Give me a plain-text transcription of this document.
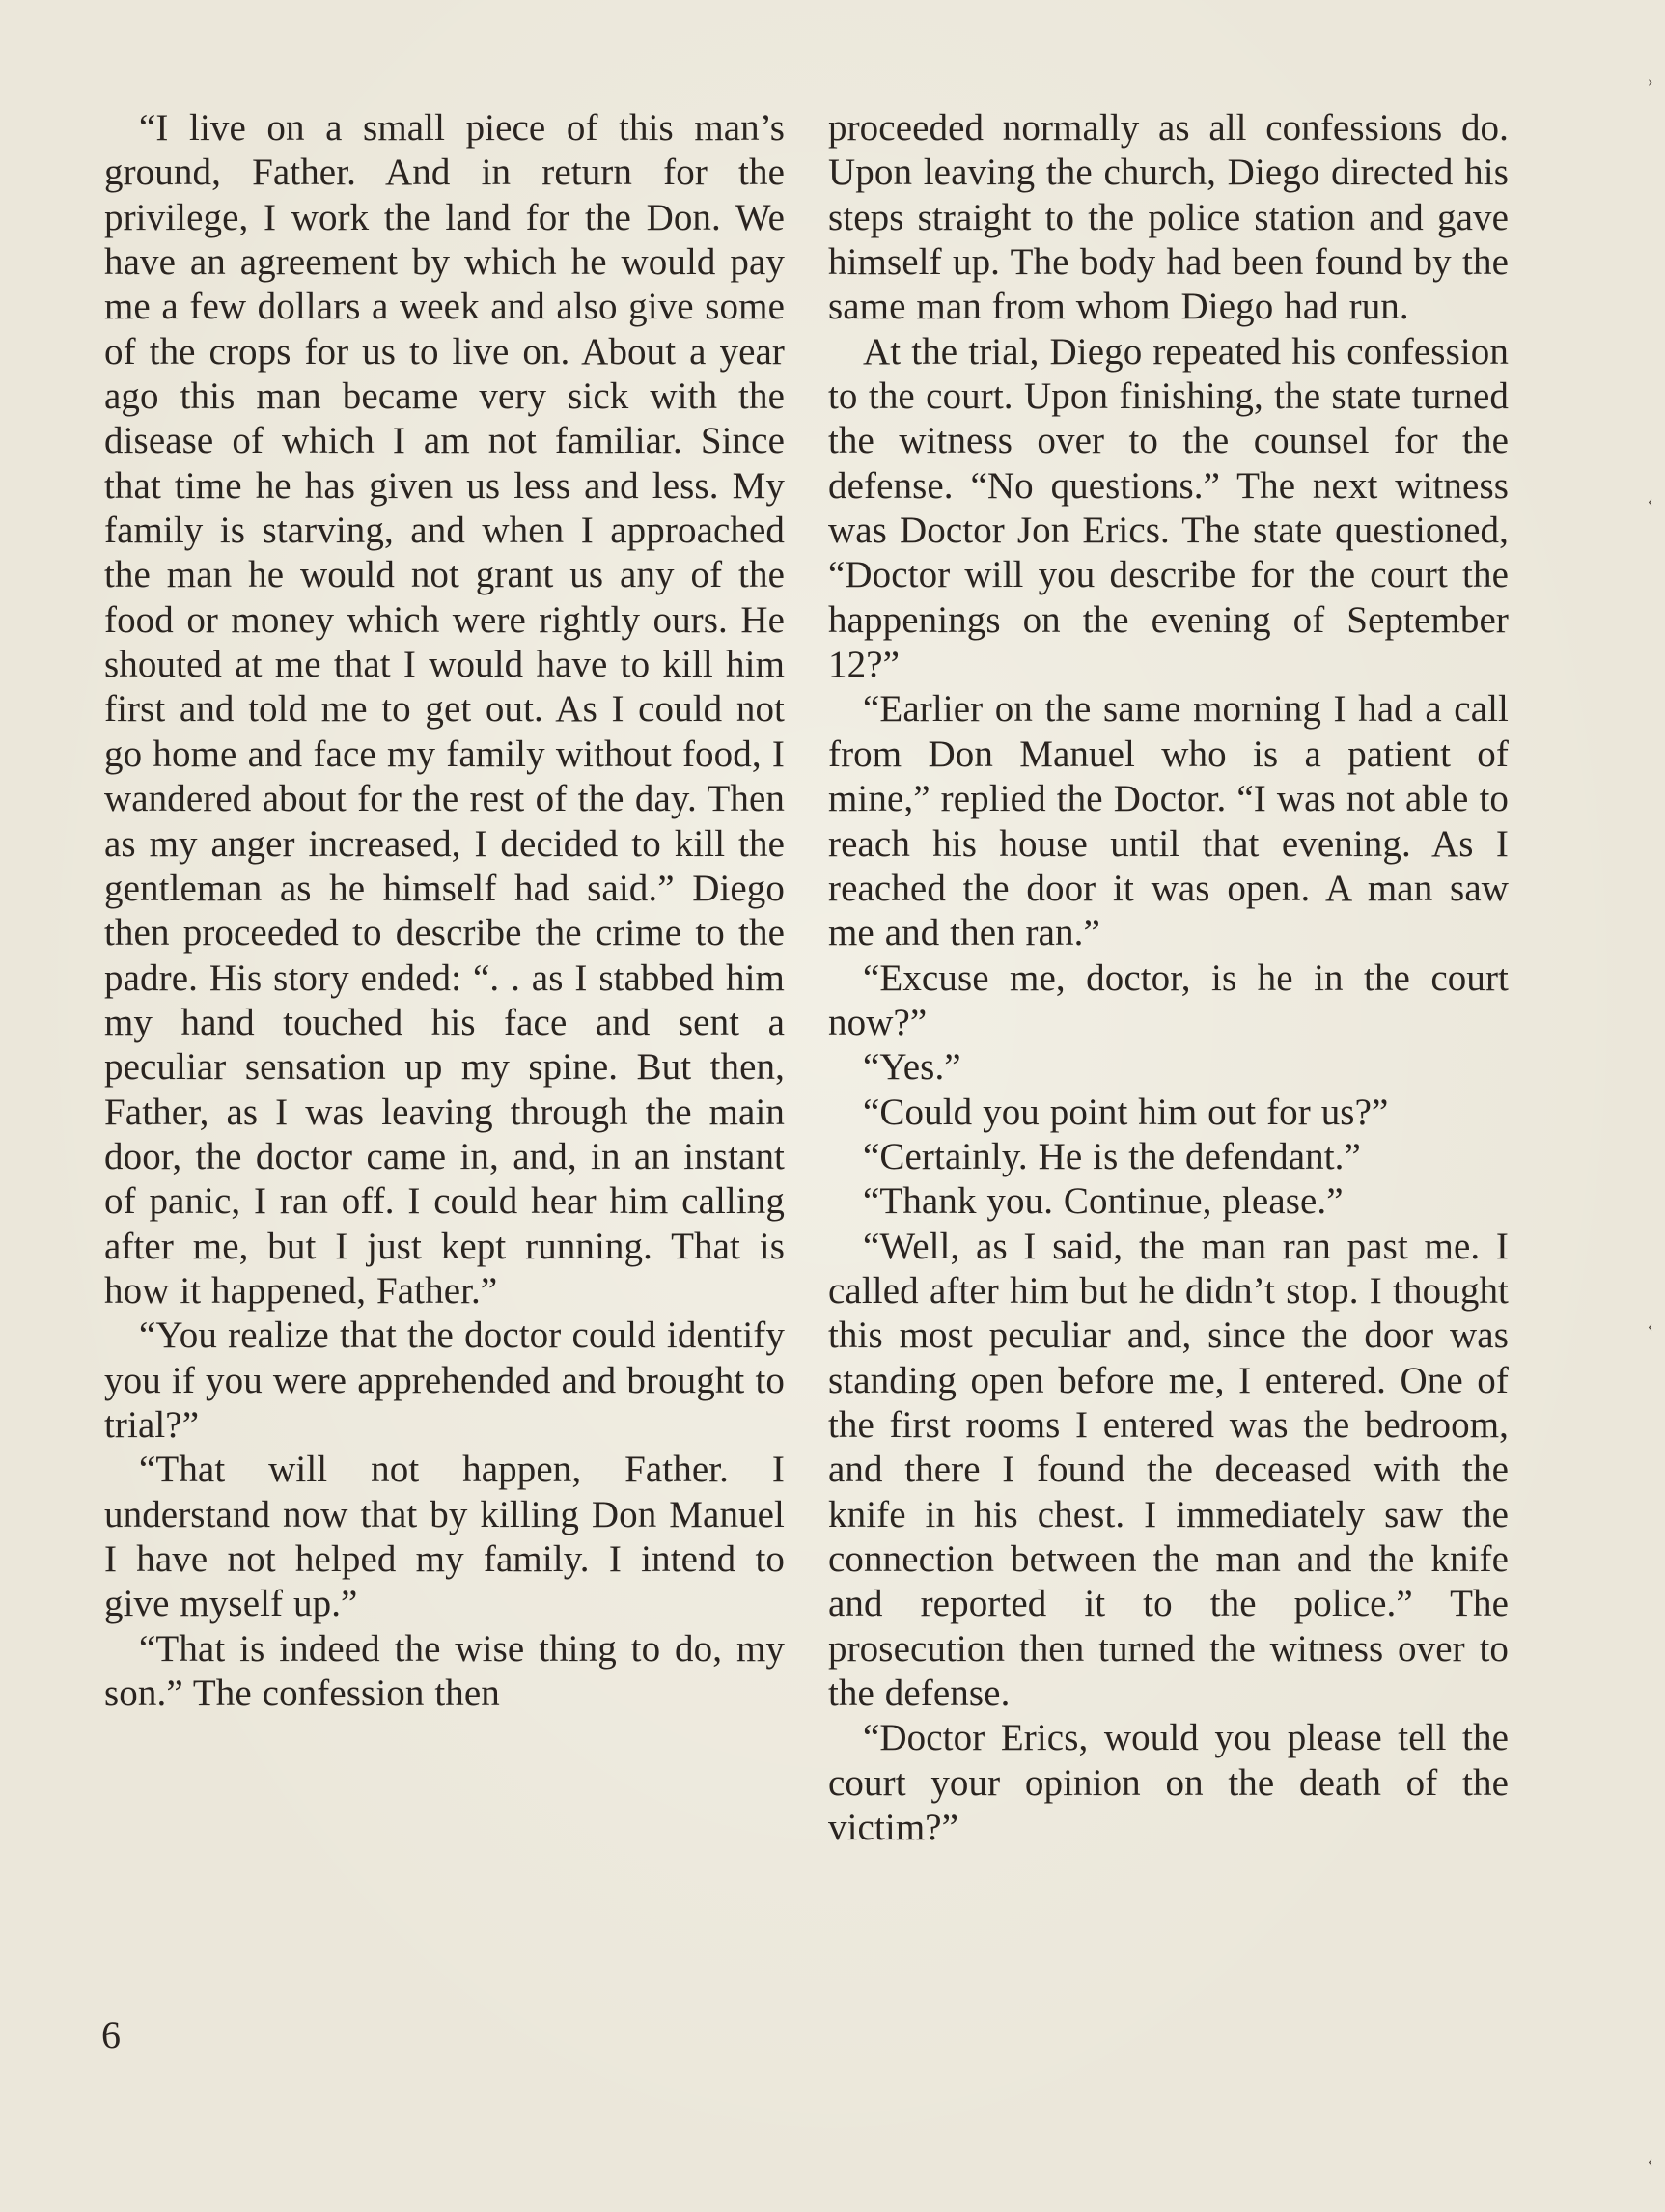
“I live on a small piece of this man’s ground, Father. And in return for the privilege, I work the land for the Don. We have an agreement by which he would pay me a few dollars a week and also give some of the crops for us to live on. About a year ago this man became very sick with the disease of which I am not familiar. Since that time he has given us less and less. My family is starving, and when I approached the man he would not grant us any of the food or money which were rightly ours. He shouted at me that I would have to kill him first and told me to get out. As I could not go home and face my family without food, I wandered about for the rest of the day. Then as my anger increased, I decided to kill the gentleman as he himself had said.” Diego then proceeded to describe the crime to the padre. His story ended: “. . as I stabbed him my hand touched his face and sent a peculiar sensation up my spine. But then, Father, as I was leaving through the main door, the doctor came in, and, in an instant of panic, I ran off. I could hear him calling after me, but I just kept running. That is how it happened, Father.”

“You realize that the doctor could identify you if you were apprehended and brought to trial?”

“That will not happen, Father. I understand now that by killing Don Manuel I have not helped my family. I intend to give myself up.”

“That is indeed the wise thing to do, my son.” The confession then

proceeded normally as all confessions do. Upon leaving the church, Diego directed his steps straight to the police station and gave himself up. The body had been found by the same man from whom Diego had run.

At the trial, Diego repeated his confession to the court. Upon finishing, the state turned the witness over to the counsel for the defense. “No questions.” The next witness was Doctor Jon Erics. The state questioned, “Doctor will you describe for the court the happenings on the evening of September 12?”

“Earlier on the same morning I had a call from Don Manuel who is a patient of mine,” replied the Doctor. “I was not able to reach his house until that evening. As I reached the door it was open. A man saw me and then ran.”

“Excuse me, doctor, is he in the court now?”

“Yes.”

“Could you point him out for us?”

“Certainly. He is the defendant.”

“Thank you. Continue, please.”

“Well, as I said, the man ran past me. I called after him but he didn’t stop. I thought this most peculiar and, since the door was standing open before me, I entered. One of the first rooms I entered was the bedroom, and there I found the deceased with the knife in his chest. I immediately saw the connection between the man and the knife and reported it to the police.” The prosecution then turned the witness over to the defense.

“Doctor Erics, would you please tell the court your opinion on the death of the victim?”

6
›
‹
‹
‹
